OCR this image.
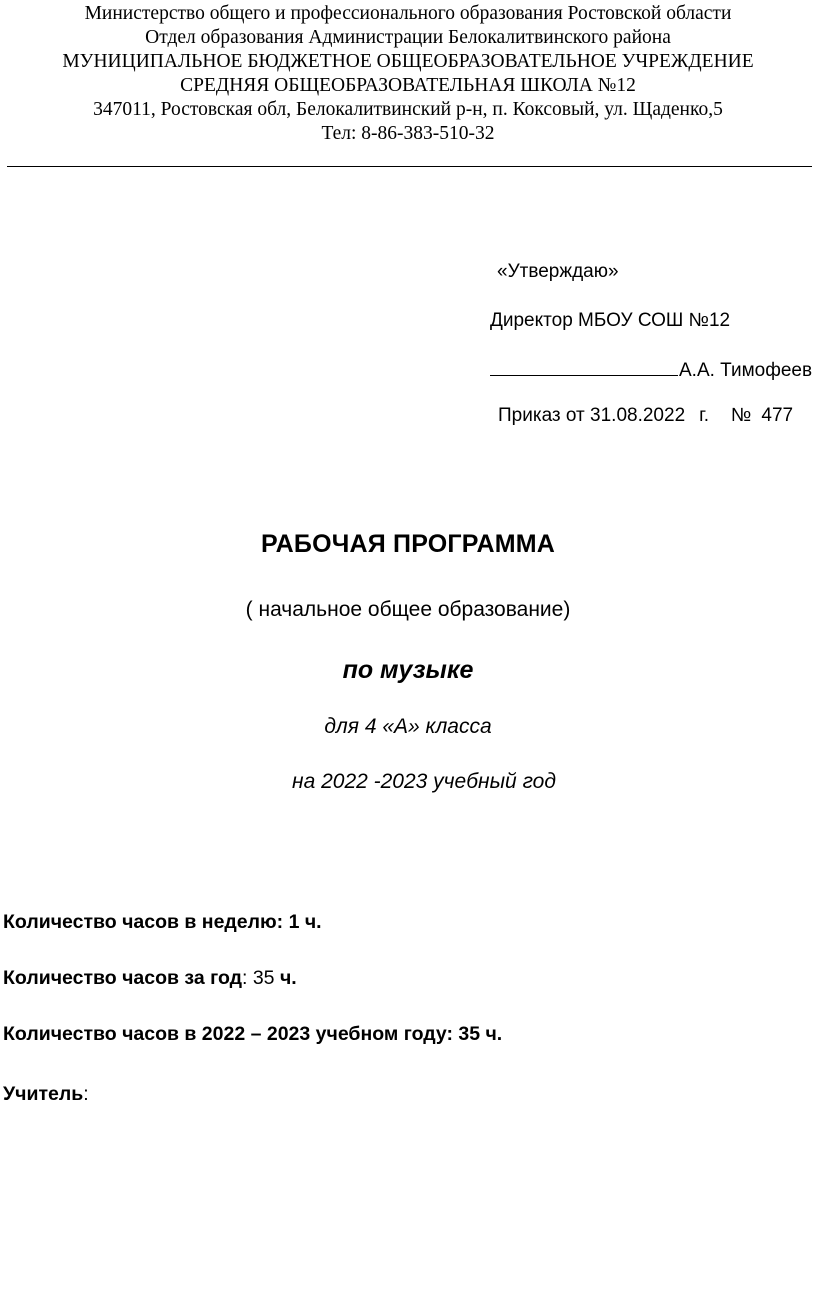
Министерство общего и профессионального образования Ростовской области
Отдел образования Администрации Белокалитвинского района
МУНИЦИПАЛЬНОЕ БЮДЖЕТНОЕ ОБЩЕОБРАЗОВАТЕЛЬНОЕ УЧРЕЖДЕНИЕ
СРЕДНЯЯ ОБЩЕОБРАЗОВАТЕЛЬНАЯ ШКОЛА №12
347011, Ростовская обл, Белокалитвинский р-н, п. Коксовый, ул. Щаденко,5
Тел: 8-86-383-510-32
«Утверждаю»
Директор МБОУ СОШ №12
А.А. Тимофеев
Приказ от 31.08.2022 г. № 477
РАБОЧАЯ ПРОГРАММА
( начальное общее образование)
по музыке
для 4 «А» класса
на 2022 -2023 учебный год
Количество часов в неделю: 1 ч.
Количество часов за год: 35 ч.
Количество часов в 2022 – 2023 учебном году: 35 ч.
Учитель:
